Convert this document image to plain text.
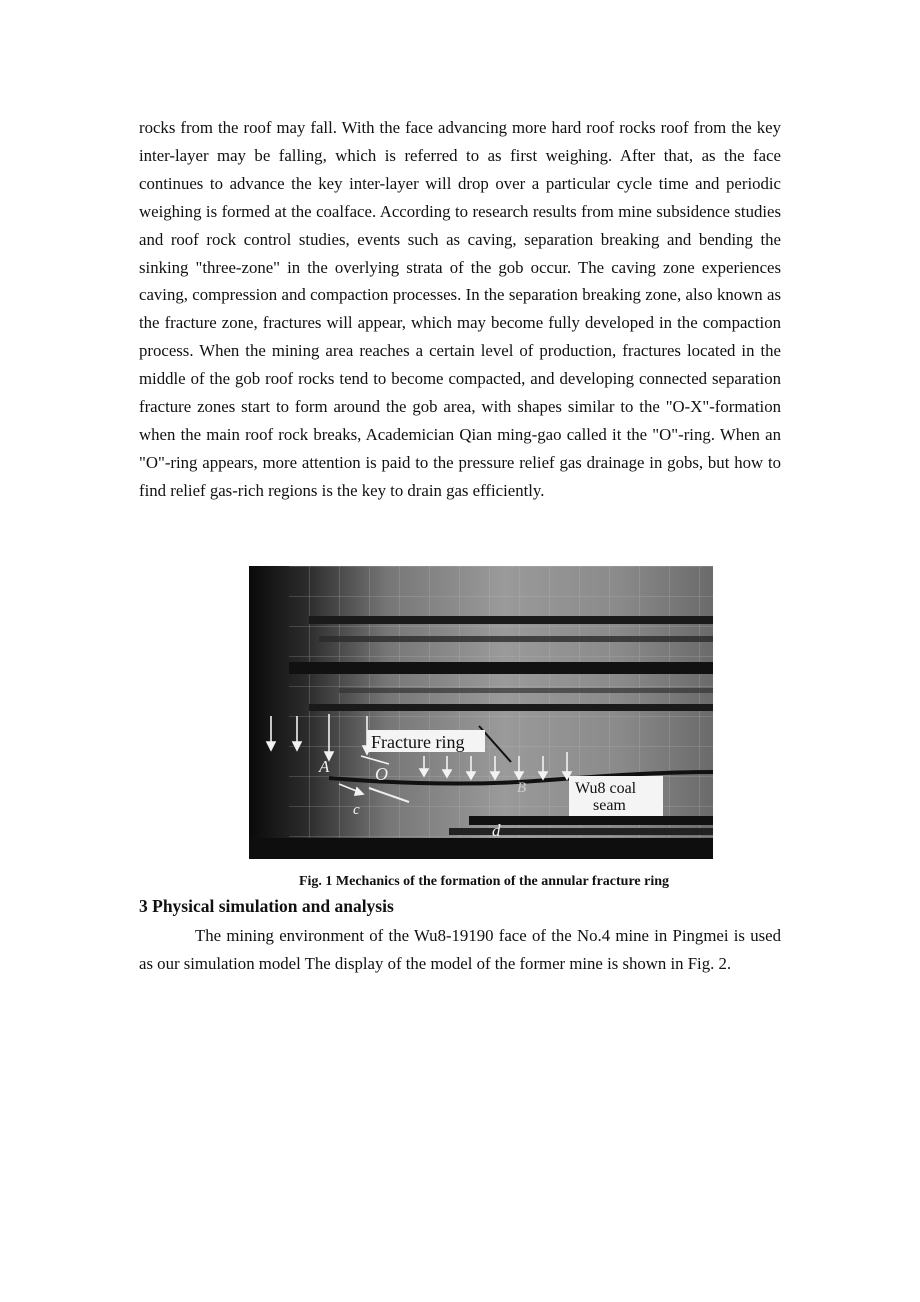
rocks from the roof may fall. With the face advancing more hard roof rocks roof from the key inter-layer may be falling, which is referred to as first weighing. After that, as the face continues to advance the key inter-layer will drop over a particular cycle time and periodic weighing is formed at the coalface. According to research results from mine subsidence studies and roof rock control studies, events such as caving, separation breaking and bending the sinking "three-zone" in the overlying strata of the gob occur. The caving zone experiences caving, compression and compaction processes. In the separation breaking zone, also known as the fracture zone, fractures will appear, which may become fully developed in the compaction process. When the mining area reaches a certain level of production, fractures located in the middle of the gob roof rocks tend to become compacted, and developing connected separation fracture zones start to form around the gob area, with shapes similar to the "O-X"-formation when the main roof rock breaks, Academician Qian ming-gao called it the "O"-ring. When an "O"-ring appears, more attention is paid to the pressure relief gas drainage in gobs, but how to find relief gas-rich regions is the key to drain gas efficiently.

Fracture ring
Wu8 coal
seam
A	O
B
c
d

Fig. 1 Mechanics of the formation of the annular fracture ring

3 Physical simulation and analysis

The mining environment of the Wu8-19190 face of the No.4 mine in Pingmei is used as our simulation model The display of the model of the former mine is shown in Fig. 2.
